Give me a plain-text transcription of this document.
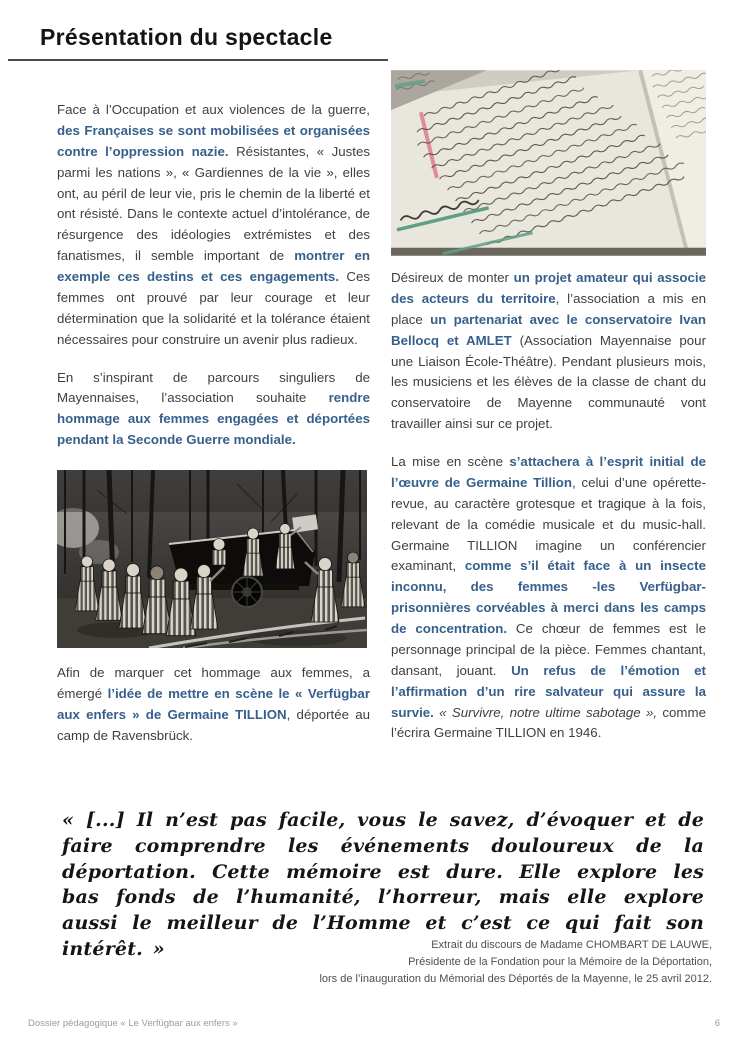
Présentation du spectacle

Face à l’Occupation et aux violences de la guerre, des Françaises se sont mobilisées et organisées contre l’oppression nazie. Résistantes, « Justes parmi les nations », « Gardiennes de la vie », elles ont, au péril de leur vie, pris le chemin de la liberté et ont résisté. Dans le contexte actuel d’intolérance, de résurgence des idéologies extrémistes et des fanatismes, il semble important de montrer en exemple ces destins et ces engagements. Ces femmes ont prouvé par leur courage et leur détermination que la solidarité et la tolérance étaient nécessaires pour construire un avenir plus radieux.

En s’inspirant de parcours singuliers de Mayennaises, l’association souhaite rendre hommage aux femmes engagées et déportées pendant la Seconde Guerre mondiale.

Afin de marquer cet hommage aux femmes, a émergé l’idée de mettre en scène le « Verfügbar aux enfers » de Germaine TILLION, déportée au camp de Ravensbrück.

Désireux de monter un projet amateur qui associe des acteurs du territoire, l’association a mis en place un partenariat avec le conservatoire Ivan Bellocq et AMLET (Association Mayennaise pour une Liaison École-Théâtre). Pendant plusieurs mois, les musiciens et les élèves de la classe de chant du conservatoire de Mayenne communauté vont travailler ainsi sur ce projet.

La mise en scène s’attachera à l’esprit initial de l’œuvre de Germaine Tillion, celui d’une opérette-revue, au caractère grotesque et tragique à la fois, relevant de la comédie musicale et du music-hall. Germaine TILLION imagine un conférencier examinant, comme s’il était face à un insecte inconnu, des femmes -les Verfügbar- prisonnières corvéables à merci dans les camps de concentration. Ce chœur de femmes est le personnage principal de la pièce. Femmes chantant, dansant, jouant. Un refus de l’émotion et l’affirmation d’un rire salvateur qui assure la survie. « Survivre, notre ultime sabotage », comme l’écrira Germaine TILLION en 1946.

« [...] Il n’est pas facile, vous le savez, d’évoquer et de faire comprendre les événements douloureux de la déportation. Cette mémoire est dure. Elle explore les bas fonds de l’humanité, l’horreur, mais elle explore aussi le meilleur de l’Homme et c’est ce qui fait son intérêt. »	Extrait du discours de Madame CHOMBART DE LAUWE,
Présidente de la Fondation pour la Mémoire de la Déportation,
lors de l’inauguration du Mémorial des Déportés de la Mayenne, le 25 avril 2012.
Dossier pédagogique « Le Verfügbar aux enfers »	6
